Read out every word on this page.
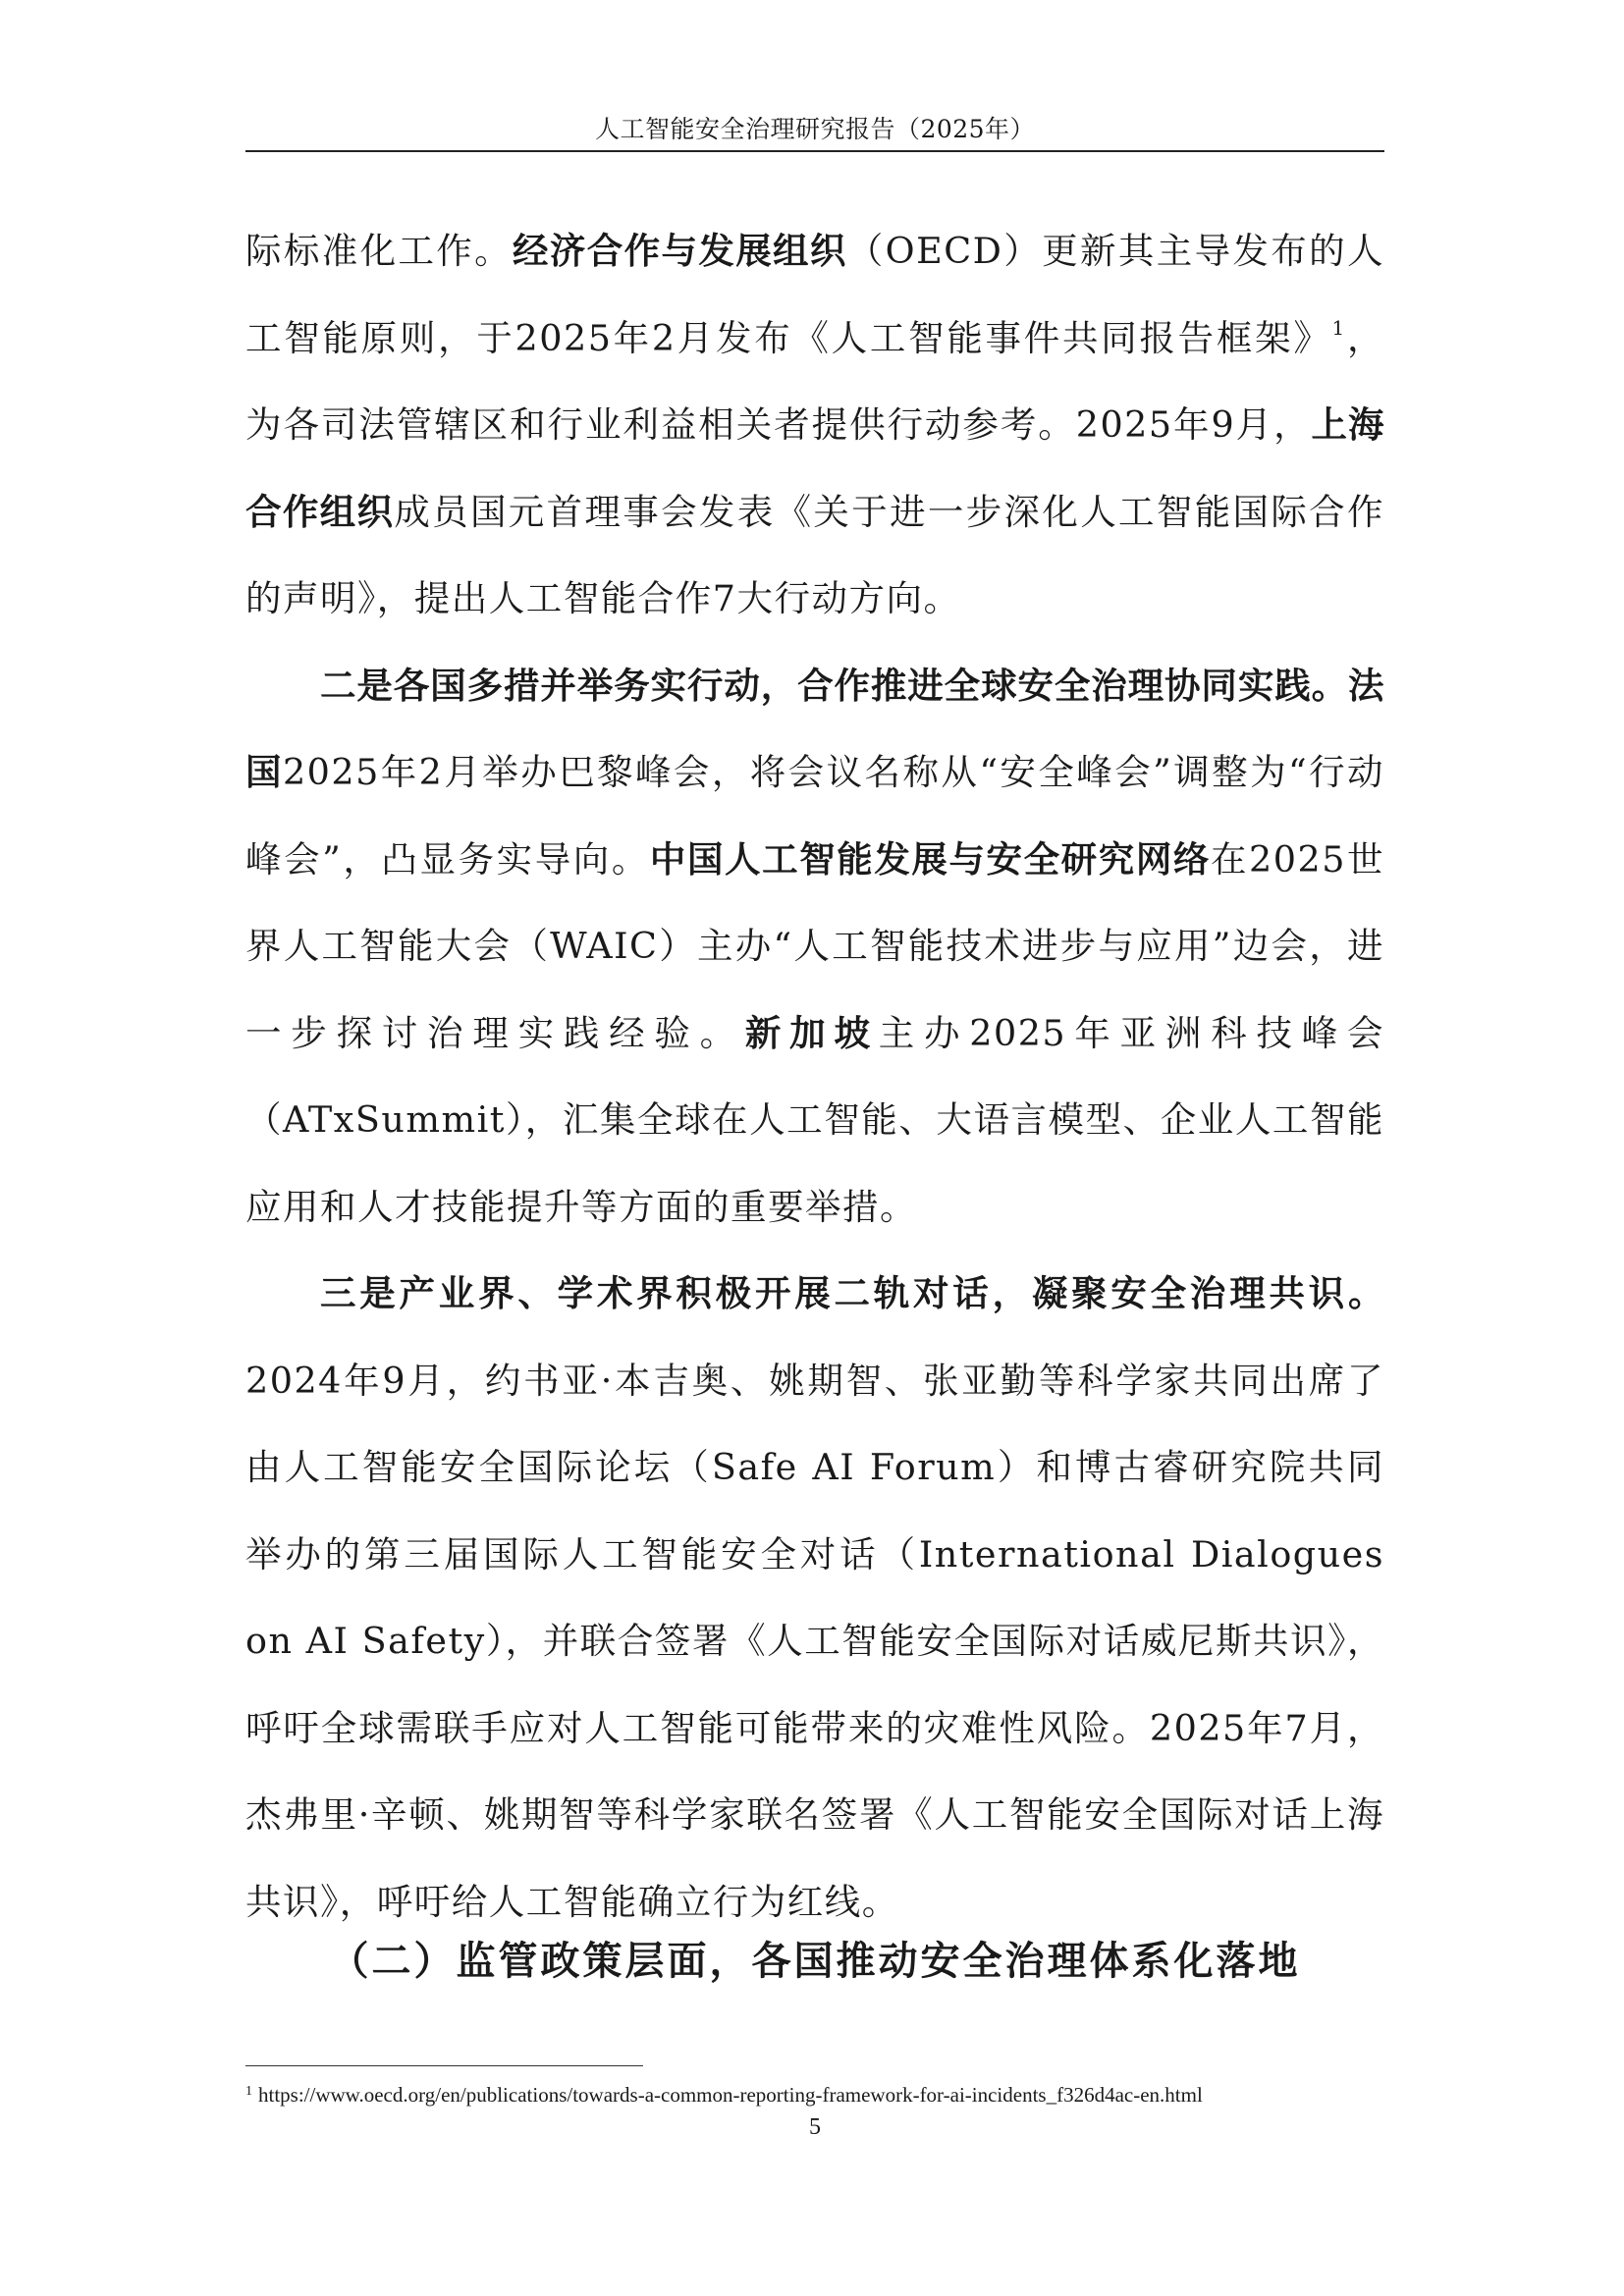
人工智能安全治理研究报告（2025年）

际标准化工作。经济合作与发展组织（OECD）更新其主导发布的人工智能原则，于2025年2月发布《人工智能事件共同报告框架》$^1$，为各司法管辖区和行业利益相关者提供行动参考。2025年9月，上海合作组织成员国元首理事会发表《关于进一步深化人工智能国际合作的声明》，提出人工智能合作7大行动方向。

二是各国多措并举务实行动，合作推进全球安全治理协同实践。法国2025年2月举办巴黎峰会，将会议名称从“安全峰会”调整为“行动峰会”，凸显务实导向。中国人工智能发展与安全研究网络在2025世界人工智能大会（WAIC）主办“人工智能技术进步与应用”边会，进一步探讨治理实践经验。新加坡主办2025年亚洲科技峰会（ATxSummit），汇集全球在人工智能、大语言模型、企业人工智能应用和人才技能提升等方面的重要举措。

三是产业界、学术界积极开展二轨对话，凝聚安全治理共识。2024年9月，约书亚·本吉奥、姚期智、张亚勤等科学家共同出席了由人工智能安全国际论坛（Safe AI Forum）和博古睿研究院共同举办的第三届国际人工智能安全对话（International Dialogues on AI Safety），并联合签署《人工智能安全国际对话威尼斯共识》，呼吁全球需联手应对人工智能可能带来的灾难性风险。2025年7月，杰弗里·辛顿、姚期智等科学家联名签署《人工智能安全国际对话上海共识》，呼吁给人工智能确立行为红线。

（二）监管政策层面，各国推动安全治理体系化落地
$^1$ https://www.oecd.org/en/publications/towards-a-common-reporting-framework-for-ai-incidents_f326d4ac-en.html
5
